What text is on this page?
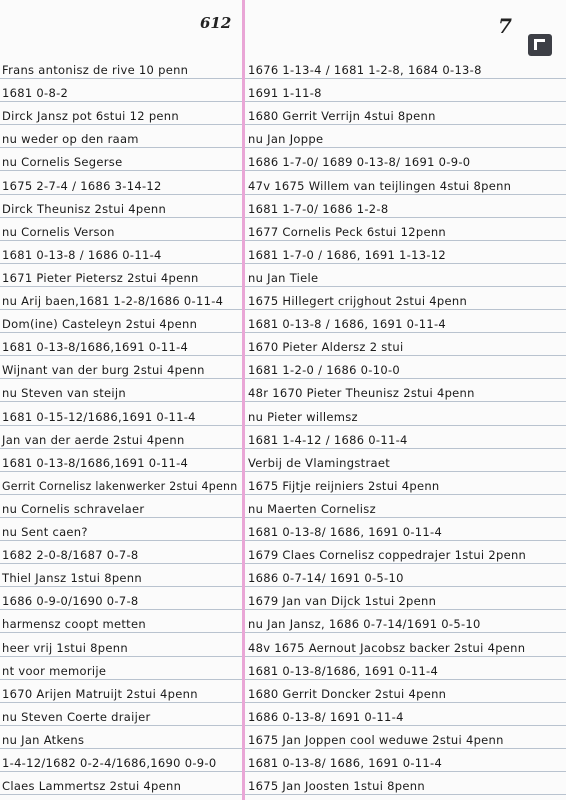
612	7
Frans antonisz de rive 10 penn
1681 0-8-2
Dirck Jansz pot 6stui 12 penn
nu weder op den raam
nu Cornelis Segerse
1675 2-7-4 / 1686 3-14-12
Dirck Theunisz 2stui 4penn
nu Cornelis Verson
1681 0-13-8 / 1686 0-11-4
1671 Pieter Pietersz 2stui 4penn
nu Arij baen,1681 1-2-8/1686 0-11-4
Dom(ine) Casteleyn 2stui 4penn
1681 0-13-8/1686,1691 0-11-4
Wijnant van der burg 2stui 4penn
nu Steven van steijn
1681 0-15-12/1686,1691 0-11-4
Jan van der aerde 2stui 4penn
1681 0-13-8/1686,1691 0-11-4
Gerrit Cornelisz lakenwerker 2stui 4penn
nu Cornelis schravelaer
nu Sent caen?
1682 2-0-8/1687 0-7-8
Thiel Jansz 1stui 8penn
1686 0-9-0/1690 0-7-8
harmensz coopt metten
heer vrij 1stui 8penn
nt voor memorije
1670 Arijen Matruijt 2stui 4penn
nu Steven Coerte draijer
nu Jan Atkens
1-4-12/1682 0-2-4/1686,1690 0-9-0
Claes Lammertsz 2stui 4penn
1676 1-13-4 / 1681 1-2-8, 1684 0-13-8
1691 1-11-8
1680 Gerrit Verrijn 4stui 8penn
nu Jan Joppe
1686 1-7-0/ 1689 0-13-8/ 1691 0-9-0
47v 1675 Willem van teijlingen 4stui 8penn
1681 1-7-0/ 1686 1-2-8
1677 Cornelis Peck 6stui 12penn
1681 1-7-0 / 1686, 1691 1-13-12
nu Jan Tiele
1675 Hillegert crijghout 2stui 4penn
1681 0-13-8 / 1686, 1691 0-11-4
1670 Pieter Aldersz 2 stui
1681 1-2-0 / 1686 0-10-0
48r 1670 Pieter Theunisz 2stui 4penn
nu Pieter willemsz
1681 1-4-12 / 1686 0-11-4
Verbij de Vlamingstraet
1675 Fijtje reijniers 2stui 4penn
nu Maerten Cornelisz
1681 0-13-8/ 1686, 1691 0-11-4
1679 Claes Cornelisz coppedrajer 1stui 2penn
1686 0-7-14/ 1691 0-5-10
1679 Jan van Dijck 1stui 2penn
nu Jan Jansz, 1686 0-7-14/1691 0-5-10
48v 1675 Aernout Jacobsz backer 2stui 4penn
1681 0-13-8/1686, 1691 0-11-4
1680 Gerrit Doncker 2stui 4penn
1686 0-13-8/ 1691 0-11-4
1675 Jan Joppen cool weduwe 2stui 4penn
1681 0-13-8/ 1686, 1691 0-11-4
1675 Jan Joosten 1stui 8penn
